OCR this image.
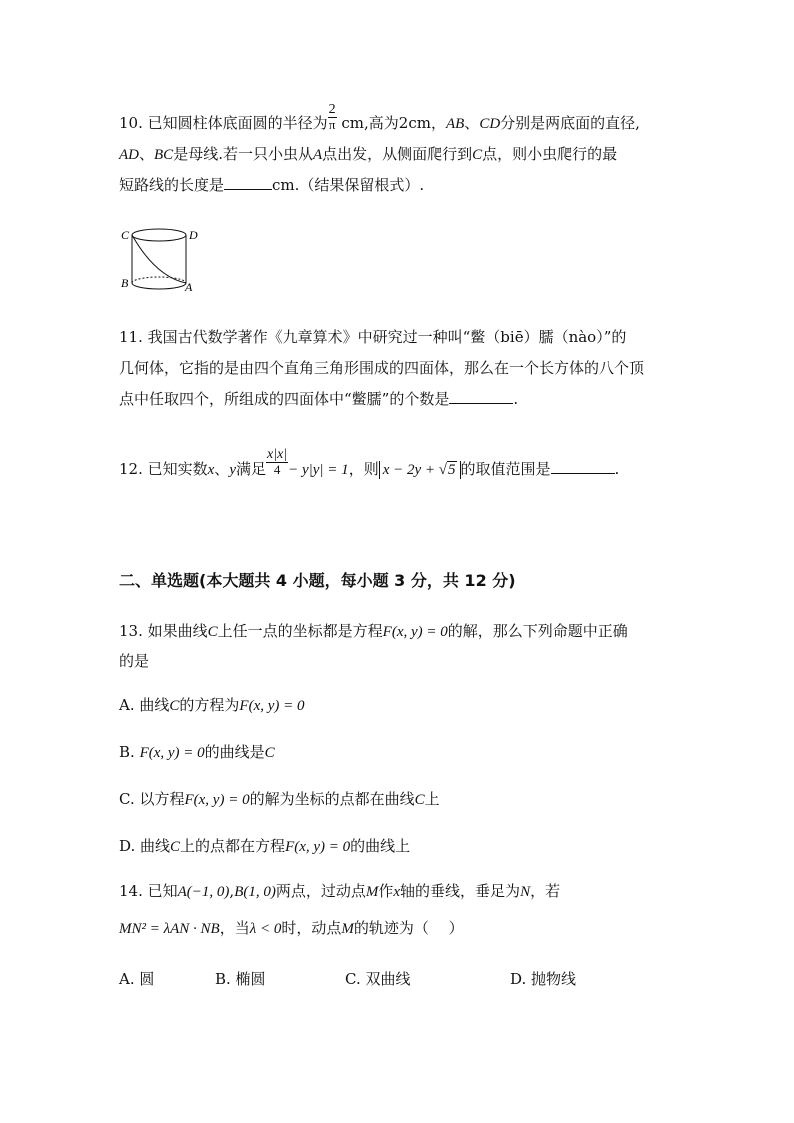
10. 已知圆柱体底面圆的半径为 $\frac{2}{\pi}$ cm,高为2cm，AB、CD分别是两底面的直径,
AD、BC是母线.若一只小虫从A点出发，从侧面爬行到C点，则小虫爬行的最
短路线的长度是	cm.（结果保留根式）.
C	D
B	A
11. 我国古代数学著作《九章算术》中研究过一种叫“鳖（biē）臑（nào）”的
几何体，它指的是由四个直角三角形围成的四面体，那么在一个长方体的八个顶
点中任取四个，所组成的四面体中“鳖臑”的个数是	.
12. 已知实数x、y满足 $\frac{x|x|}{4} - y|y| = 1$，则 x − 2y + √5 的取值范围是	.
二、单选题(本大题共 4 小题，每小题 3 分，共 12 分)
13. 如果曲线C上任一点的坐标都是方程F(x, y) = 0的解，那么下列命题中正确
的是
A. 曲线C的方程为F(x, y) = 0
B. F(x, y) = 0的曲线是C
C. 以方程F(x, y) = 0的解为坐标的点都在曲线C上
D. 曲线C上的点都在方程F(x, y) = 0的曲线上
14. 已知A(−1, 0),B(1, 0)两点，过动点M作x轴的垂线，垂足为N，若
MN² = λAN · NB，当λ < 0时，动点M的轨迹为（　 ）
A. 圆	B. 椭圆	C. 双曲线	D. 抛物线
